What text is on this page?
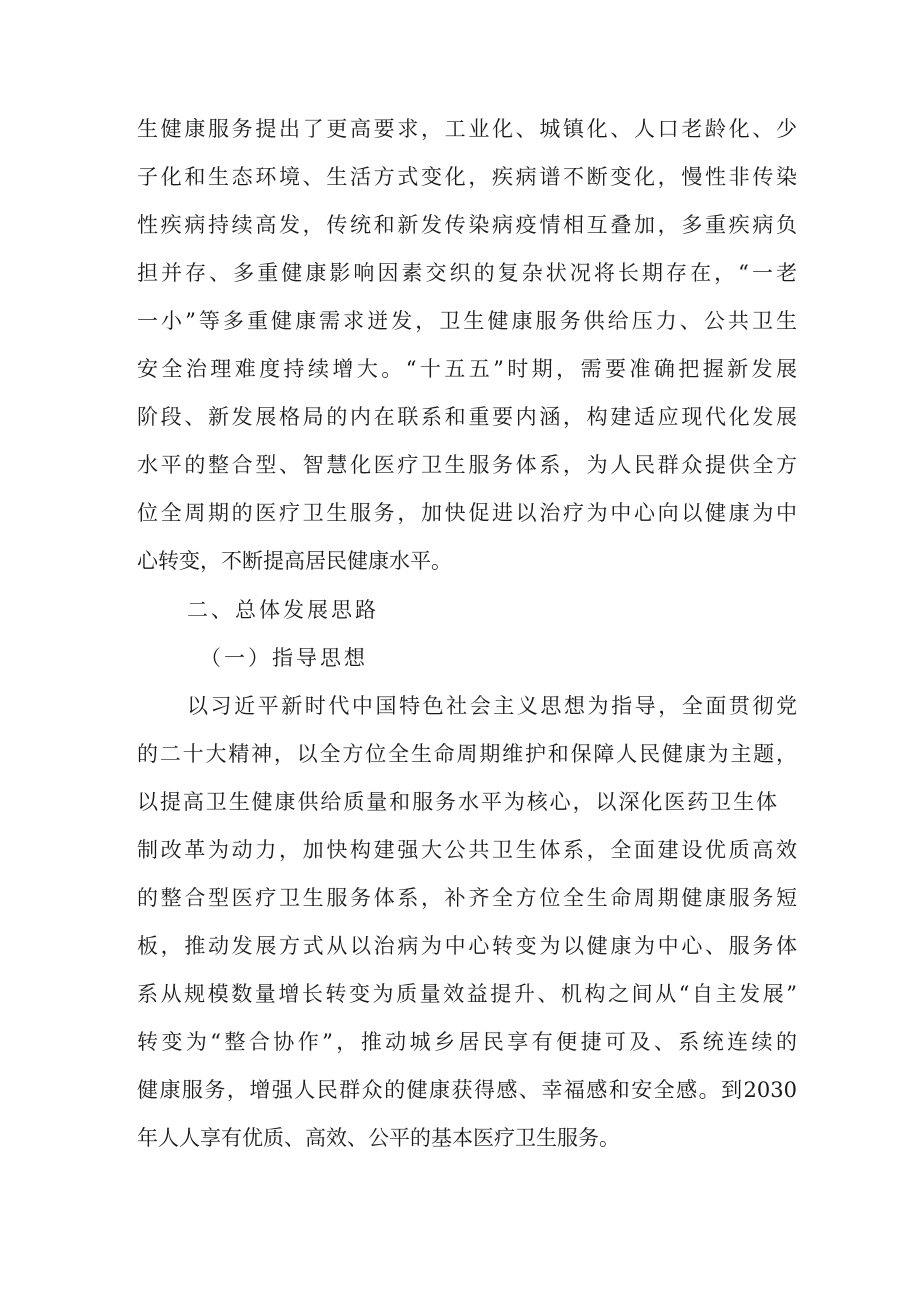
生健康服务提出了更高要求，工业化、城镇化、人口老龄化、少
子化和生态环境、生活方式变化，疾病谱不断变化，慢性非传染
性疾病持续高发，传统和新发传染病疫情相互叠加，多重疾病负
担并存、多重健康影响因素交织的复杂状况将长期存在，“一老
一小”等多重健康需求迸发，卫生健康服务供给压力、公共卫生
安全治理难度持续增大。“十五五”时期，需要准确把握新发展
阶段、新发展格局的内在联系和重要内涵，构建适应现代化发展
水平的整合型、智慧化医疗卫生服务体系，为人民群众提供全方
位全周期的医疗卫生服务，加快促进以治疗为中心向以健康为中
心转变，不断提高居民健康水平。
二、总体发展思路
（一）指导思想
以习近平新时代中国特色社会主义思想为指导，全面贯彻党
的二十大精神，以全方位全生命周期维护和保障人民健康为主题，
以提高卫生健康供给质量和服务水平为核心，以深化医药卫生体
制改革为动力，加快构建强大公共卫生体系，全面建设优质高效
的整合型医疗卫生服务体系，补齐全方位全生命周期健康服务短
板，推动发展方式从以治病为中心转变为以健康为中心、服务体
系从规模数量增长转变为质量效益提升、机构之间从“自主发展”
转变为“整合协作”，推动城乡居民享有便捷可及、系统连续的
健康服务，增强人民群众的健康获得感、幸福感和安全感。到2030
年人人享有优质、高效、公平的基本医疗卫生服务。
